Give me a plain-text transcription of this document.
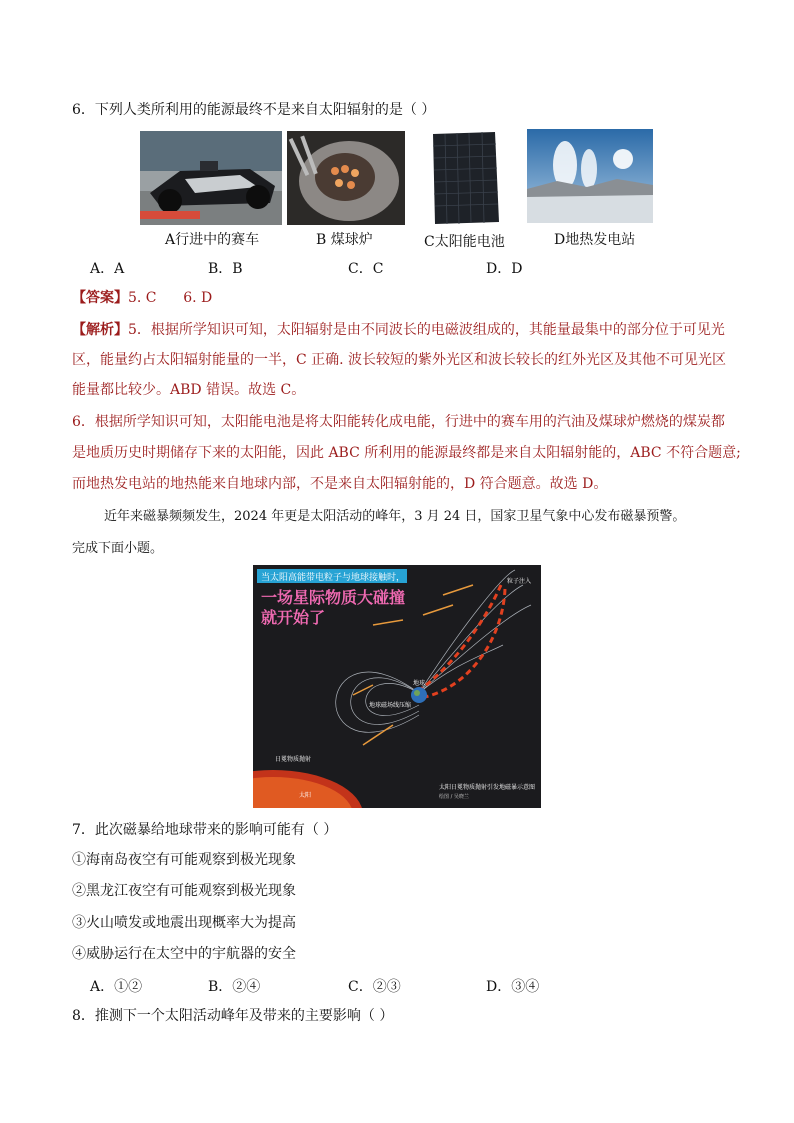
6．下列人类所利用的能源最终不是来自太阳辐射的是（ ）
A行进中的赛车	B 煤球炉	C太阳能电池	D地热发电站
A．A	B．B	C．C	D．D
【答案】5. C      6. D
【解析】5．根据所学知识可知，太阳辐射是由不同波长的电磁波组成的，其能量最集中的部分位于可见光
区，能量约占太阳辐射能量的一半，C 正确. 波长较短的紫外光区和波长较长的红外光区及其他不可见光区
能量都比较少。ABD 错误。故选 C。
6．根据所学知识可知，太阳能电池是将太阳能转化成电能，行进中的赛车用的汽油及煤球炉燃烧的煤炭都
是地质历史时期储存下来的太阳能，因此 ABC 所利用的能源最终都是来自太阳辐射能的，ABC 不符合题意;
而地热发电站的地热能来自地球内部，不是来自太阳辐射能的，D 符合题意。故选 D。
近年来磁暴频频发生，2024 年更是太阳活动的峰年，3 月 24 日，国家卫星气象中心发布磁暴预警。
完成下面小题。
当太阳高能带电粒子与地球接触时，
一场星际物质大碰撞
就开始了
粒子注入
地球
地球磁场线压缩
日冕物质抛射
太阳
太阳日冕物质抛射引发地磁暴示意图
绘图 / 吴晓兰
7．此次磁暴给地球带来的影响可能有（ ）
①海南岛夜空有可能观察到极光现象
②黑龙江夜空有可能观察到极光现象
③火山喷发或地震出现概率大为提高
④威胁运行在太空中的宇航器的安全
A．①②	B．②④	C．②③	D．③④
8．推测下一个太阳活动峰年及带来的主要影响（ ）
